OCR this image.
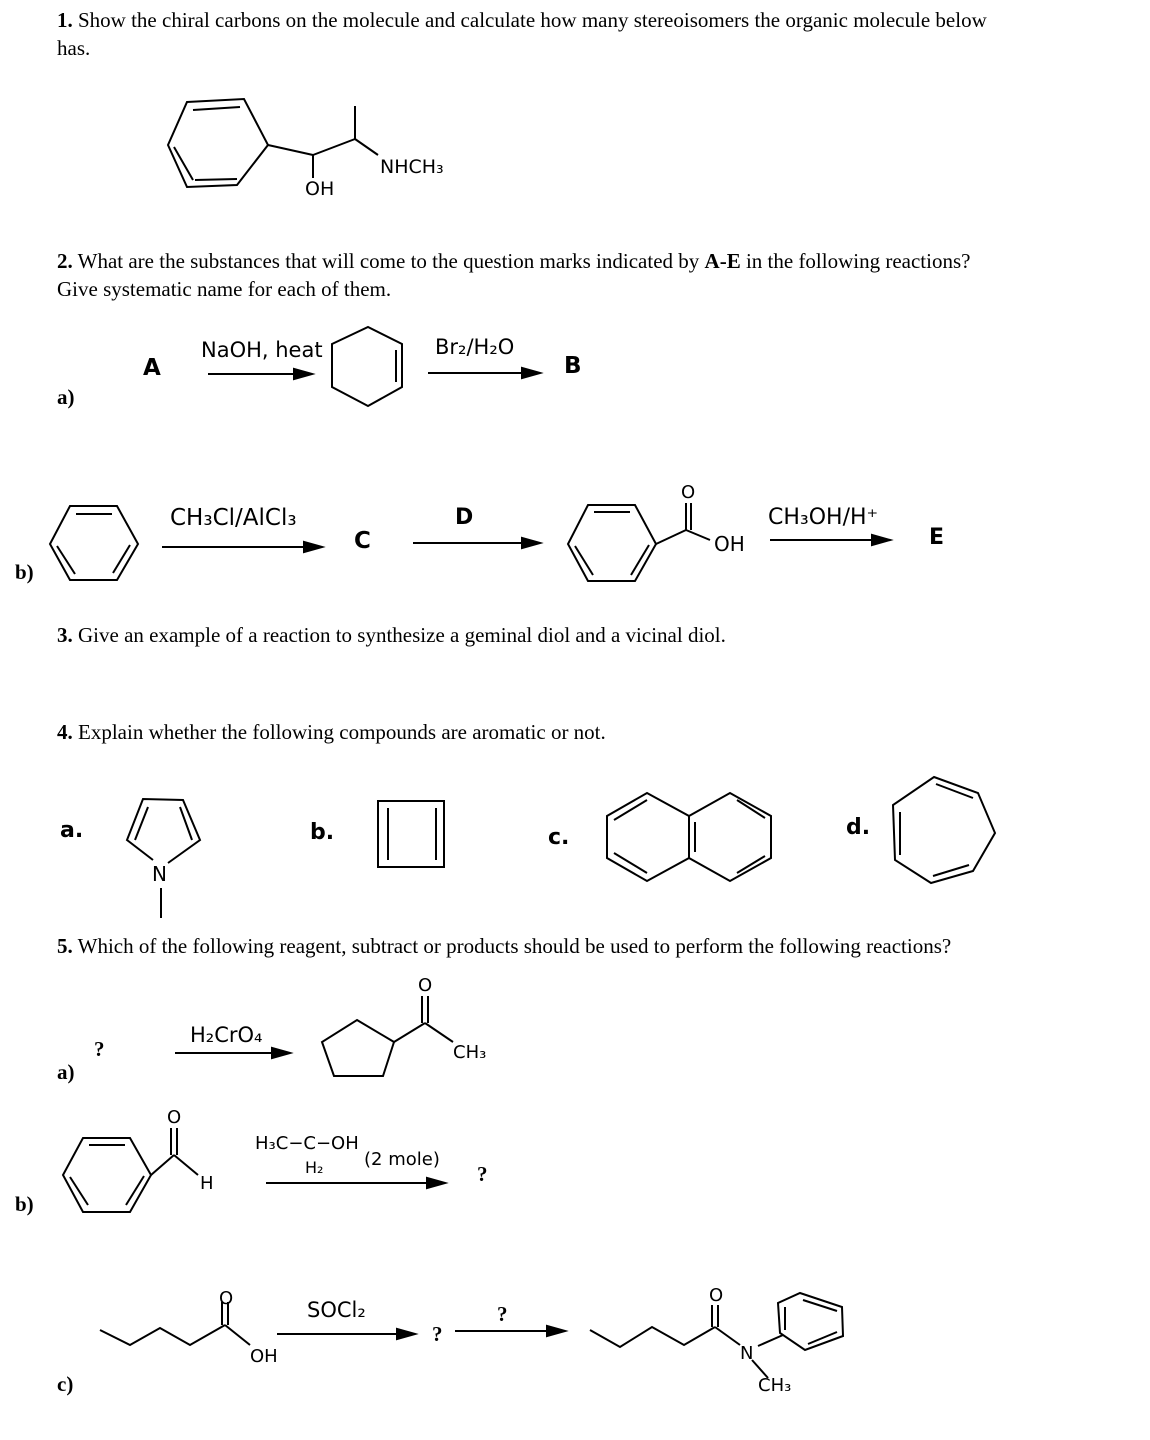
1. Show the chiral carbons on the molecule and calculate how many stereoisomers the organic molecule below
has.
OH
NHCH₃
2. What are the substances that will come to the question marks indicated by A-E in the following reactions?
Give systematic name for each of them.
a)
A
NaOH, heat	Br₂/H₂O
B
b)
CH₃Cl/AlCl₃
C
D
O
OH
CH₃OH/H⁺
E
3. Give an example of a reaction to synthesize a geminal diol and a vicinal diol.
4. Explain whether the following compounds are aromatic or not.
a.
N
b.	c.	d.
5. Which of the following reagent, subtract or products should be used to perform the following reactions?
a)
?
H₂CrO₄
O
CH₃
b)
O
H
H₃C−C−OH
H₂ (2 mole)
?
c)
O
OH
SOCl₂
?
?
O
N
CH₃
